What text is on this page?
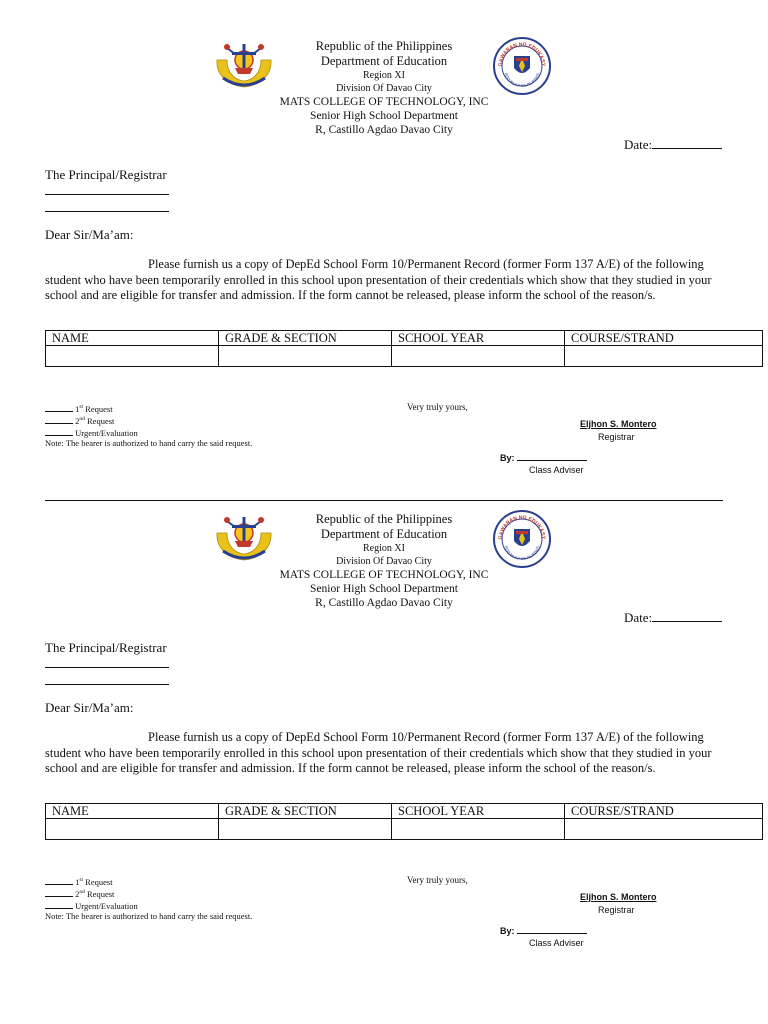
Republic of the Philippines
Department of Education
Region XI
Division Of Davao City
MATS COLLEGE OF TECHNOLOGY, INC
Senior High School Department
R, Castillo Agdao Davao City
GAWARAN NG EDUKASY
REPUBLIKA NG PILIPINAS
Date:
The Principal/Registrar
Dear Sir/Ma’am:
Please furnish us a copy of DepEd School Form 10/Permanent Record (former Form 137 A/E) of the following student who have been temporarily enrolled in this school upon presentation of their credentials which show that they studied in your school and are eligible for transfer and admission. If the form cannot be released, please inform the school of the reason/s.
NAME	GRADE & SECTION	SCHOOL YEAR	COURSE/STRAND

1st Request
2nd Request
Urgent/Evaluation
Note: The bearer is authorized to hand carry the said request.
Very truly yours,
Eljhon S. Montero
Registrar
By:
Class Adviser
Republic of the Philippines
Department of Education
Region XI
Division Of Davao City
MATS COLLEGE OF TECHNOLOGY, INC
Senior High School Department
R, Castillo Agdao Davao City
GAWARAN NG EDUKASY
REPUBLIKA NG PILIPINAS
Date:
The Principal/Registrar
Dear Sir/Ma’am:
Please furnish us a copy of DepEd School Form 10/Permanent Record (former Form 137 A/E) of the following student who have been temporarily enrolled in this school upon presentation of their credentials which show that they studied in your school and are eligible for transfer and admission. If the form cannot be released, please inform the school of the reason/s.
NAME	GRADE & SECTION	SCHOOL YEAR	COURSE/STRAND

1st Request
2nd Request
Urgent/Evaluation
Note: The bearer is authorized to hand carry the said request.
Very truly yours,
Eljhon S. Montero
Registrar
By:
Class Adviser
